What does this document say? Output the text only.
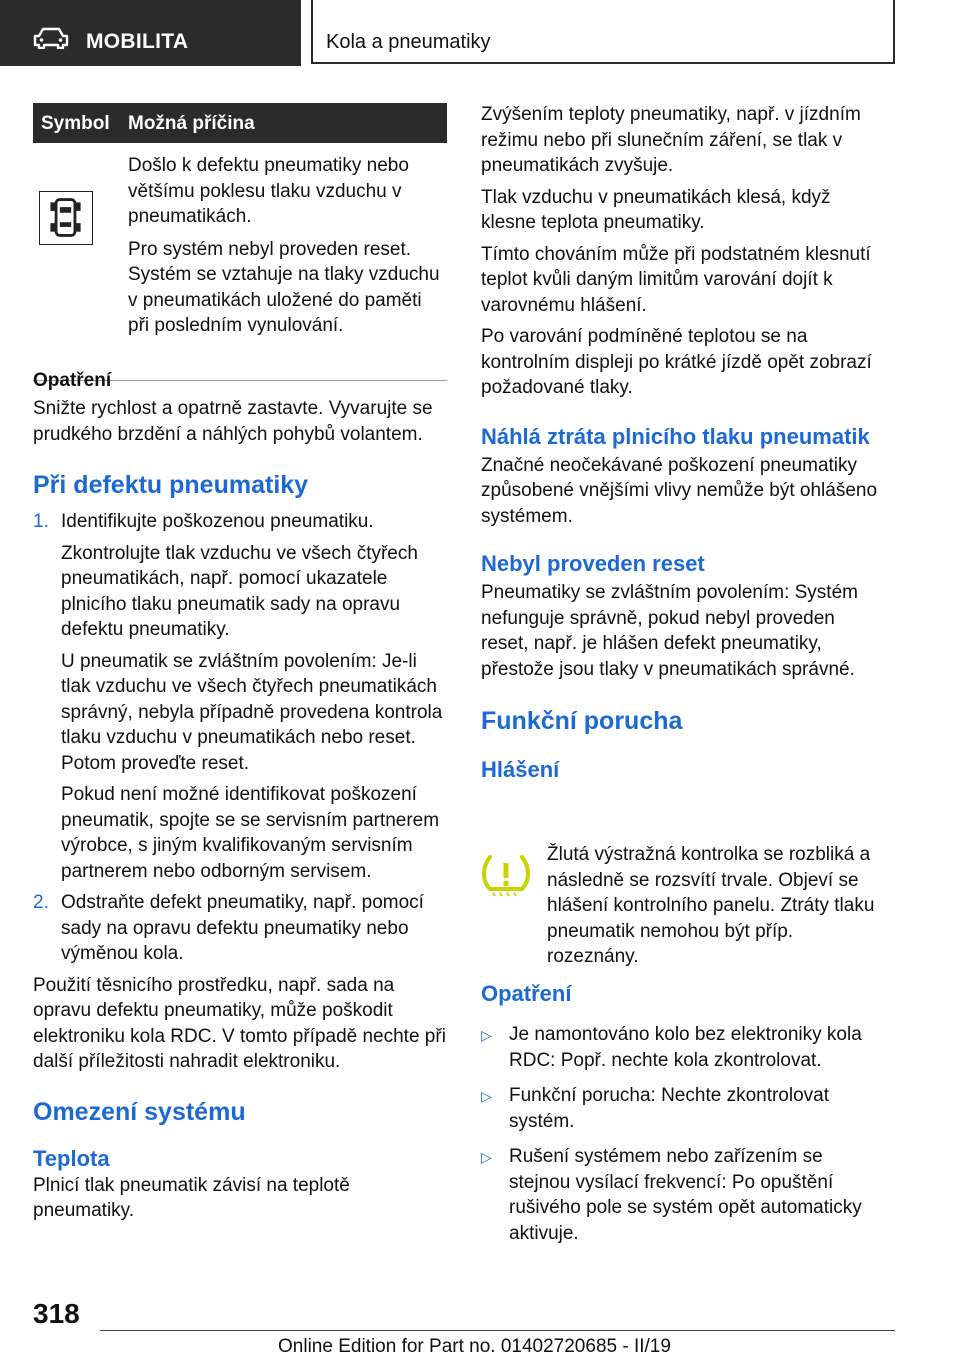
MOBILITA	Kola a pneumatiky
Symbol Možná příčina

Došlo k defektu pneumatiky nebo většímu poklesu tlaku vzduchu v pneumatikách.

Pro systém nebyl proveden reset. Systém se vztahuje na tlaky vzduchu v pneumatikách uložené do paměti při posledním vynulování.

Opatření

Snižte rychlost a opatrně zastavte. Vyvarujte se prudkého brzdění a náhlých pohybů volantem.

Při defektu pneumatiky
1. Identifikujte poškozenou pneumatiku.

Zkontrolujte tlak vzduchu ve všech čtyřech pneumatikách, např. pomocí ukazatele plnicího tlaku pneumatik sady na opravu defektu pneumatiky.

U pneumatik se zvláštním povolením: Je-li tlak vzduchu ve všech čtyřech pneumatikách správný, nebyla případně provedena kontrola tlaku vzduchu v pneumatikách nebo reset. Potom proveďte reset.

Pokud není možné identifikovat poškození pneumatik, spojte se se servisním partnerem výrobce, s jiným kvalifikovaným servisním partnerem nebo odborným servisem.

2. Odstraňte defekt pneumatiky, např. pomocí sady na opravu defektu pneumatiky nebo výměnou kola.

Použití těsnicího prostředku, např. sada na opravu defektu pneumatiky, může poškodit elektroniku kola RDC. V tomto případě nechte při další příležitosti nahradit elektroniku.

Omezení systému
Teplota

Plnicí tlak pneumatik závisí na teplotě pneumatiky.

Zvýšením teploty pneumatiky, např. v jízdním režimu nebo při slunečním záření, se tlak v pneumatikách zvyšuje.

Tlak vzduchu v pneumatikách klesá, když klesne teplota pneumatiky.

Tímto chováním může při podstatném klesnutí teplot kvůli daným limitům varování dojít k varovnému hlášení.

Po varování podmíněné teplotou se na kontrolním displeji po krátké jízdě opět zobrazí požadované tlaky.

Náhlá ztráta plnicího tlaku pneumatik

Značné neočekávané poškození pneumatiky způsobené vnějšími vlivy nemůže být ohlášeno systémem.

Nebyl proveden reset

Pneumatiky se zvláštním povolením: Systém nefunguje správně, pokud nebyl proveden reset, např. je hlášen defekt pneumatiky, přestože jsou tlaky v pneumatikách správné.

Funkční porucha
Hlášení

Žlutá výstražná kontrolka se rozbliká a následně se rozsvítí trvale. Objeví se hlášení kontrolního panelu. Ztráty tlaku pneumatik nemohou být příp. rozeznány.

Opatření
▷ Je namontováno kolo bez elektroniky kola RDC: Popř. nechte kola zkontrolovat.

▷ Funkční porucha: Nechte zkontrolovat systém.

▷ Rušení systémem nebo zařízením se stejnou vysílací frekvencí: Po opuštění rušivého pole se systém opět automaticky aktivuje.

318
Online Edition for Part no. 01402720685 - II/19
